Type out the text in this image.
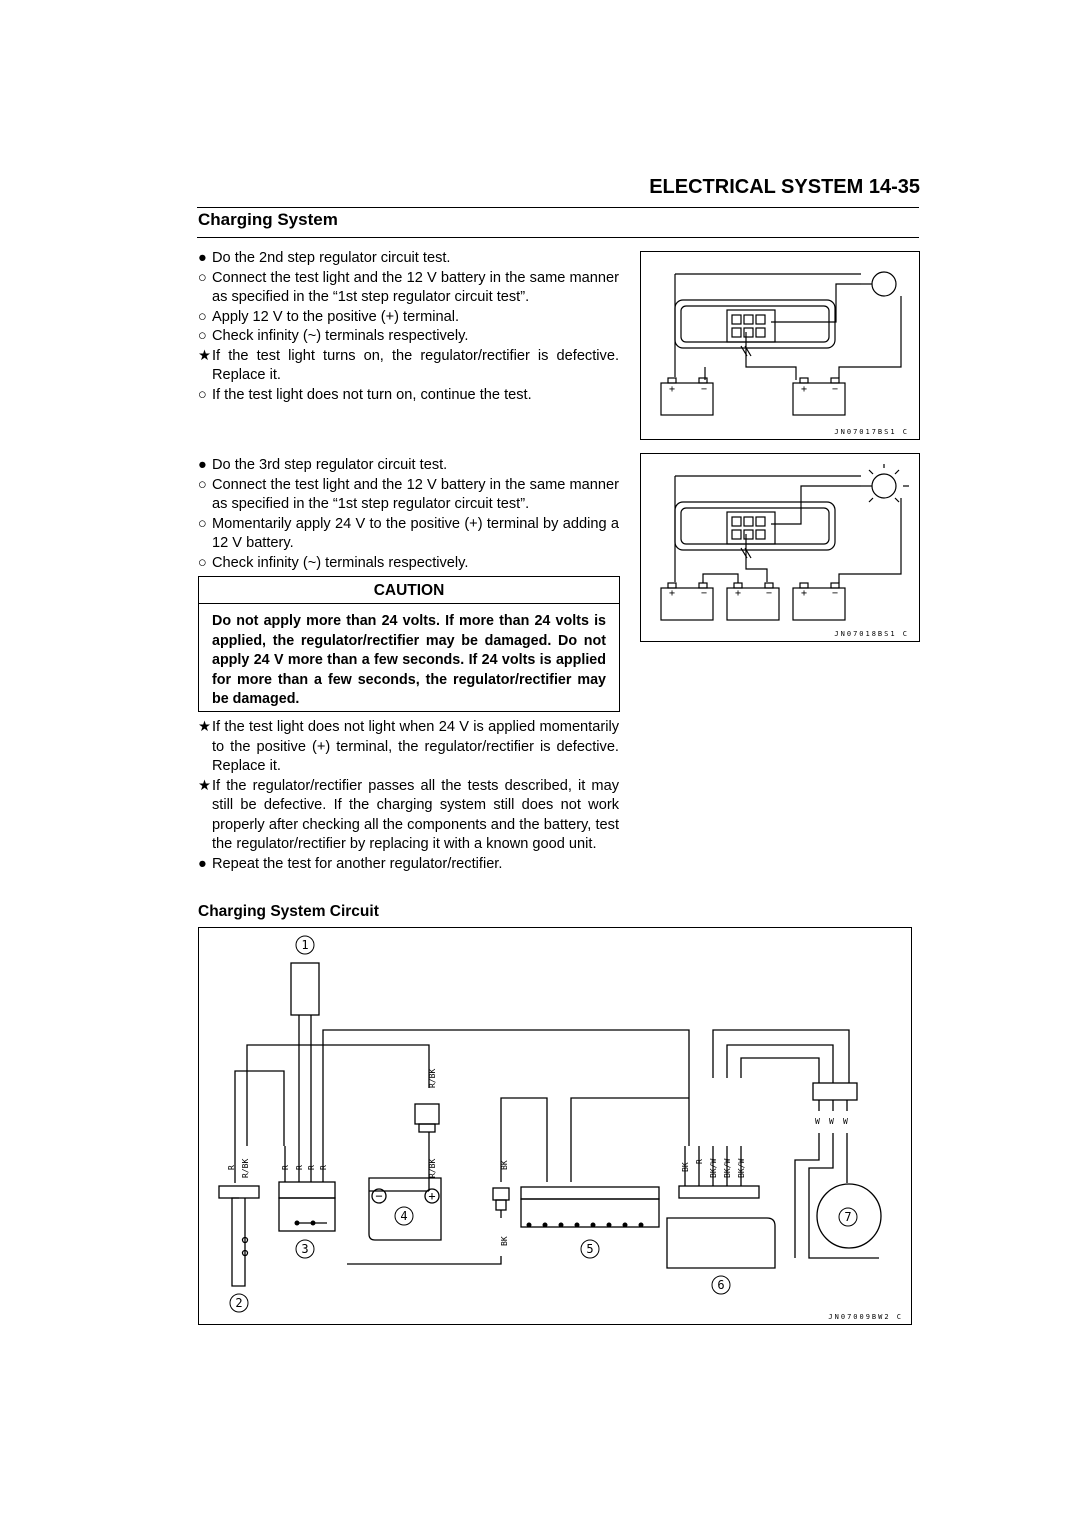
ELECTRICAL SYSTEM 14-35
Charging System
● Do the 2nd step regulator circuit test.
○ Connect the test light and the 12 V battery in the same manner as specified in the “1st step regulator circuit test”.
○ Apply 12 V to the positive (+) terminal.
○ Check infinity (~) terminals respectively.
★ If the test light turns on, the regulator/rectifier is defective. Replace it.
○ If the test light does not turn on, continue the test.
● Do the 3rd step regulator circuit test.
○ Connect the test light and the 12 V battery in the same manner as specified in the “1st step regulator circuit test”.
○ Momentarily apply 24 V to the positive (+) terminal by adding a 12 V battery.
○ Check infinity (~) terminals respectively.
CAUTION
Do not apply more than 24 volts. If more than 24 volts is applied, the regulator/rectifier may be damaged. Do not apply 24 V more than a few seconds. If 24 volts is applied for more than a few seconds, the regulator/rectifier may be damaged.
★ If the test light does not light when 24 V is applied momentarily to the positive (+) terminal, the regulator/rectifier is defective. Replace it.
★ If the regulator/rectifier passes all the tests described, it may still be defective. If the charging system still does not work properly after checking all the components and the battery, test the regulator/rectifier by replacing it with a known good unit.
● Repeat the test for another regulator/rectifier.
Charging System Circuit
+	−	+ −
JN07017BS1 C
+	−	+ −	+ −
JN07018BS1 C
−	+
1
2
3
4
5
6
7
R/BK
R/BK	BK
BK
R R/BK	R R R R	BK
R BK/W BK/W BK/W
W W W
JN07009BW2 C
